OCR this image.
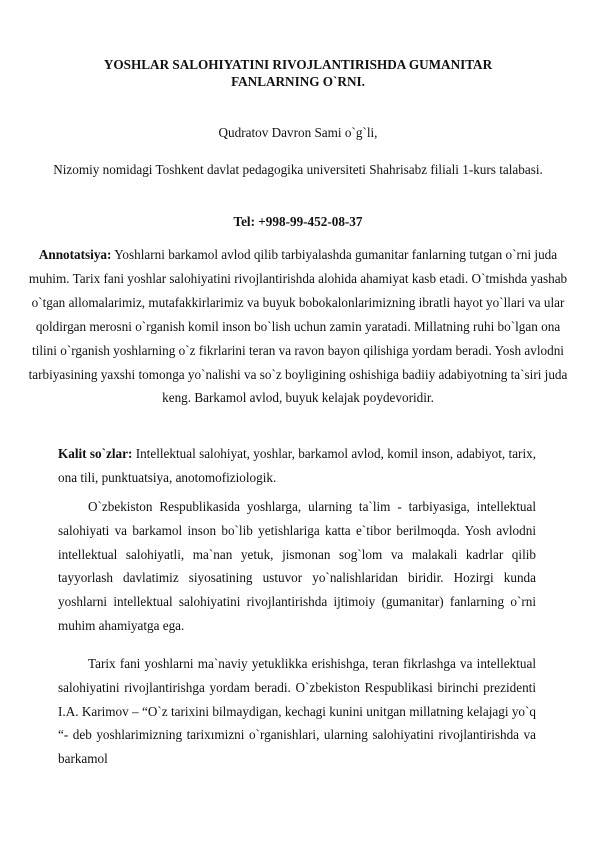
YOSHLAR SALOHIYATINI RIVOJLANTIRISHDA GUMANITAR FANLARNING O`RNI.
Qudratov Davron Sami o`g`li,
Nizomiy nomidagi Toshkent davlat pedagogika universiteti Shahrisabz filiali 1-kurs talabasi.
Tel: +998-99-452-08-37
Annotatsiya: Yoshlarni barkamol avlod qilib tarbiyalashda gumanitar fanlarning tutgan o`rni juda muhim. Tarix fani yoshlar salohiyatini rivojlantirishda alohida ahamiyat kasb etadi. O`tmishda yashab o`tgan allomalarimiz, mutafakkirlarimiz va buyuk bobokalonlarimizning ibratli hayot yo`llari va ular qoldirgan merosni o`rganish komil inson bo`lish uchun zamin yaratadi. Millatning ruhi bo`lgan ona tilini o`rganish yoshlarning o`z fikrlarini teran va ravon bayon qilishiga yordam beradi. Yosh avlodni tarbiyasining yaxshi tomonga yo`nalishi va so`z boyligining oshishiga badiiy adabiyotning ta`siri juda keng. Barkamol avlod, buyuk kelajak poydevoridir.
Kalit so`zlar: Intellektual salohiyat, yoshlar, barkamol avlod, komil inson, adabiyot, tarix, ona tili, punktuatsiya, anotomofiziologik.
O`zbekiston Respublikasida yoshlarga, ularning ta`lim - tarbiyasiga, intellektual salohiyati va barkamol inson bo`lib yetishlariga katta e`tibor berilmoqda. Yosh avlodni intellektual salohiyatli, ma`nan yetuk, jismonan sog`lom va malakali kadrlar qilib tayyorlash davlatimiz siyosatining ustuvor yo`nalishlaridan biridir. Hozirgi kunda yoshlarni intellektual salohiyatini rivojlantirishda ijtimoiy (gumanitar) fanlarning o`rni muhim ahamiyatga ega.
Tarix fani yoshlarni ma`naviy yetuklikka erishishga, teran fikrlashga va intellektual salohiyatini rivojlantirishga yordam beradi. O`zbekiston Respublikasi birinchi prezidenti I.A. Karimov – “O`z tarixini bilmaydigan, kechagi kunini unitgan millatning kelajagi yo`q “- deb yoshlarimizning tarixımizni o`rganishlari, ularning salohiyatini rivojlantirishda va barkamol
